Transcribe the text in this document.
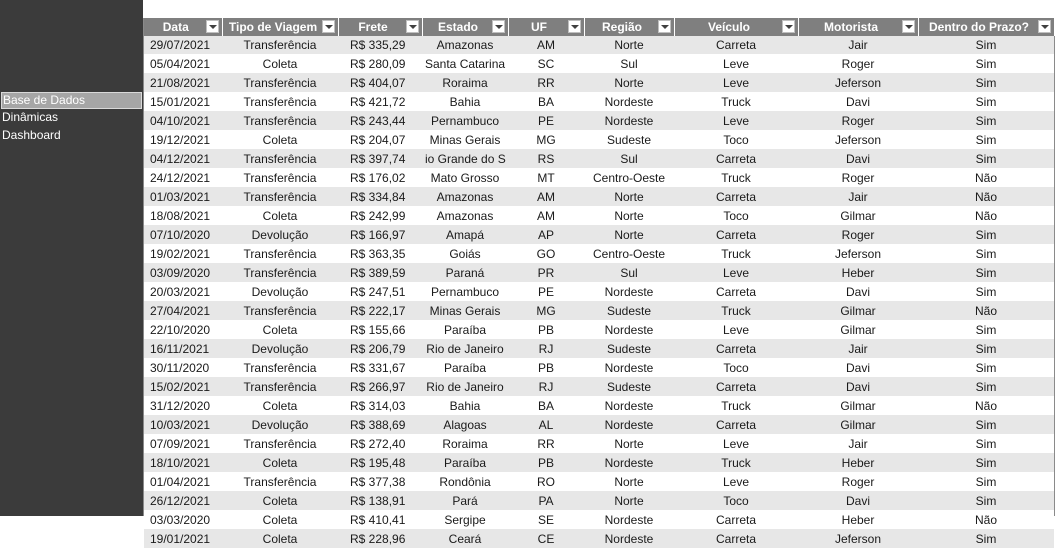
Base de Dados
Dinâmicas
Dashboard
Data	Tipo de Viagem	Frete	Estado	UF	Região	Veículo	Motorista	Dentro do Prazo?

29/07/2021	Transferência	R$ 335,29	Amazonas	AM	Norte	Carreta	Jair	Sim
05/04/2021	Coleta	R$ 280,09	Santa Catarina	SC	Sul	Leve	Roger	Sim
21/08/2021	Transferência	R$ 404,07	Roraima	RR	Norte	Leve	Jeferson	Sim
15/01/2021	Transferência	R$ 421,72	Bahia	BA	Nordeste	Truck	Davi	Sim
04/10/2021	Transferência	R$ 243,44	Pernambuco	PE	Nordeste	Leve	Roger	Sim
19/12/2021	Coleta	R$ 204,07	Minas Gerais	MG	Sudeste	Toco	Jeferson	Sim
04/12/2021	Transferência	R$ 397,74	io Grande do S	RS	Sul	Carreta	Davi	Sim
24/12/2021	Transferência	R$ 176,02	Mato Grosso	MT	Centro-Oeste	Truck	Roger	Não
01/03/2021	Transferência	R$ 334,84	Amazonas	AM	Norte	Carreta	Jair	Não
18/08/2021	Coleta	R$ 242,99	Amazonas	AM	Norte	Toco	Gilmar	Não
07/10/2020	Devolução	R$ 166,97	Amapá	AP	Norte	Carreta	Roger	Sim
19/02/2021	Transferência	R$ 363,35	Goiás	GO	Centro-Oeste	Truck	Jeferson	Sim
03/09/2020	Transferência	R$ 389,59	Paraná	PR	Sul	Leve	Heber	Sim
20/03/2021	Devolução	R$ 247,51	Pernambuco	PE	Nordeste	Carreta	Davi	Sim
27/04/2021	Transferência	R$ 222,17	Minas Gerais	MG	Sudeste	Truck	Gilmar	Não
22/10/2020	Coleta	R$ 155,66	Paraíba	PB	Nordeste	Leve	Gilmar	Sim
16/11/2021	Devolução	R$ 206,79	Rio de Janeiro	RJ	Sudeste	Carreta	Jair	Sim
30/11/2020	Transferência	R$ 331,67	Paraíba	PB	Nordeste	Toco	Davi	Sim
15/02/2021	Transferência	R$ 266,97	Rio de Janeiro	RJ	Sudeste	Carreta	Davi	Sim
31/12/2020	Coleta	R$ 314,03	Bahia	BA	Nordeste	Truck	Gilmar	Não
10/03/2021	Devolução	R$ 388,69	Alagoas	AL	Nordeste	Carreta	Gilmar	Sim
07/09/2021	Transferência	R$ 272,40	Roraima	RR	Norte	Leve	Jair	Sim
18/10/2021	Coleta	R$ 195,48	Paraíba	PB	Nordeste	Truck	Heber	Sim
01/04/2021	Transferência	R$ 377,38	Rondônia	RO	Norte	Leve	Roger	Sim
26/12/2021	Coleta	R$ 138,91	Pará	PA	Norte	Toco	Davi	Sim
03/03/2020	Coleta	R$ 410,41	Sergipe	SE	Nordeste	Carreta	Heber	Não
19/01/2021	Coleta	R$ 228,96	Ceará	CE	Nordeste	Carreta	Jeferson	Sim
